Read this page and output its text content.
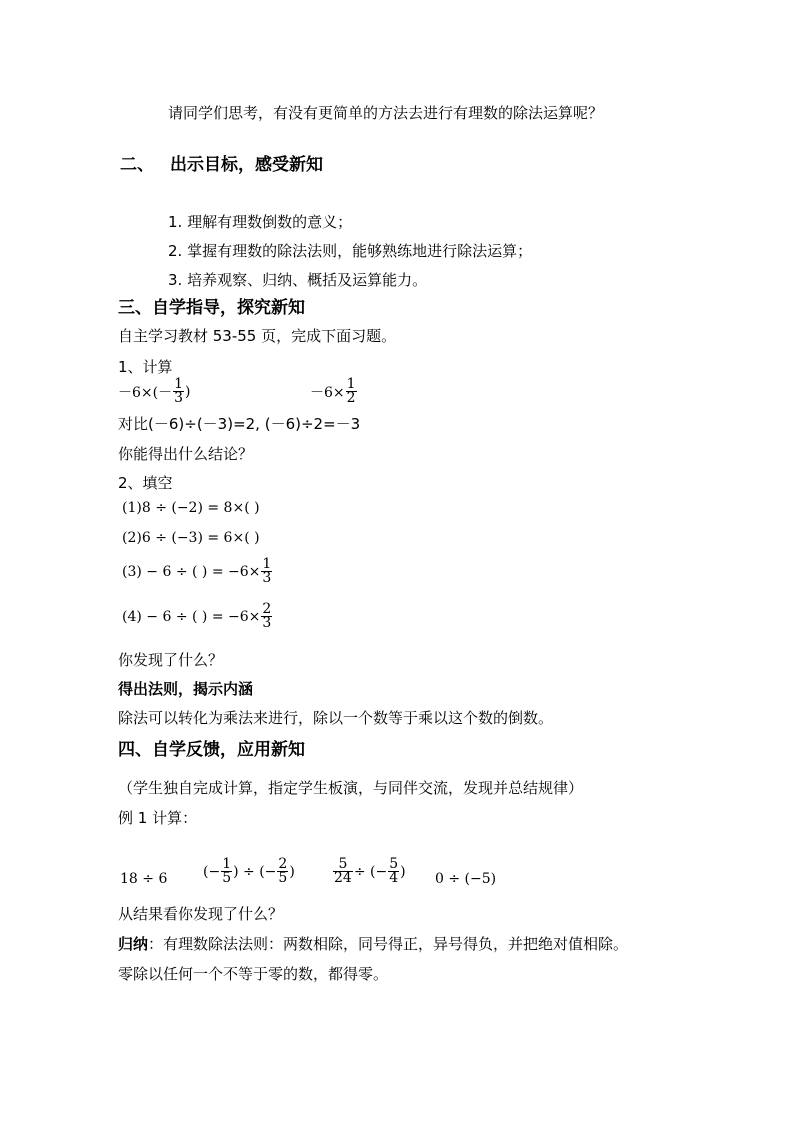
请同学们思考，有没有更简单的方法去进行有理数的除法运算呢？
二、 出示目标，感受新知
1. 理解有理数倒数的意义；
2. 掌握有理数的除法法则，能够熟练地进行除法运算；
3. 培养观察、归纳、概括及运算能力。
三、自学指导，探究新知
自主学习教材 53-55 页，完成下面习题。
1、计算
$-6\times(- \frac{1}{3}$ )	$-6\times \frac{1}{2}$
对比(－6)÷(－3)=2, (－6)÷2=－3
你能得出什么结论？
2、填空
(1)8 ÷ (−2) = 8×( )
(2)6 ÷ (−3) = 6×( )
(3) − 6 ÷ ( ) = $-6\times \frac{1}{3}$
(4) − 6 ÷ ( ) = $-6\times \frac{2}{3}$
你发现了什么？
得出法则，揭示内涵
除法可以转化为乘法来进行，除以一个数等于乘以这个数的倒数。
四、自学反馈，应用新知
（学生独自完成计算，指定学生板演，与同伴交流，发现并总结规律）
例 1 计算：
18 ÷ 6	(− $\frac{1}{5}$ ) ÷ (− $\frac{2}{5}$ )	$\frac{5}{24}$ ÷ (− $\frac{5}{4}$ ) 0 ÷ (−5)
从结果看你发现了什么？
归纳：有理数除法法则：两数相除，同号得正，异号得负，并把绝对值相除。
零除以任何一个不等于零的数，都得零。
